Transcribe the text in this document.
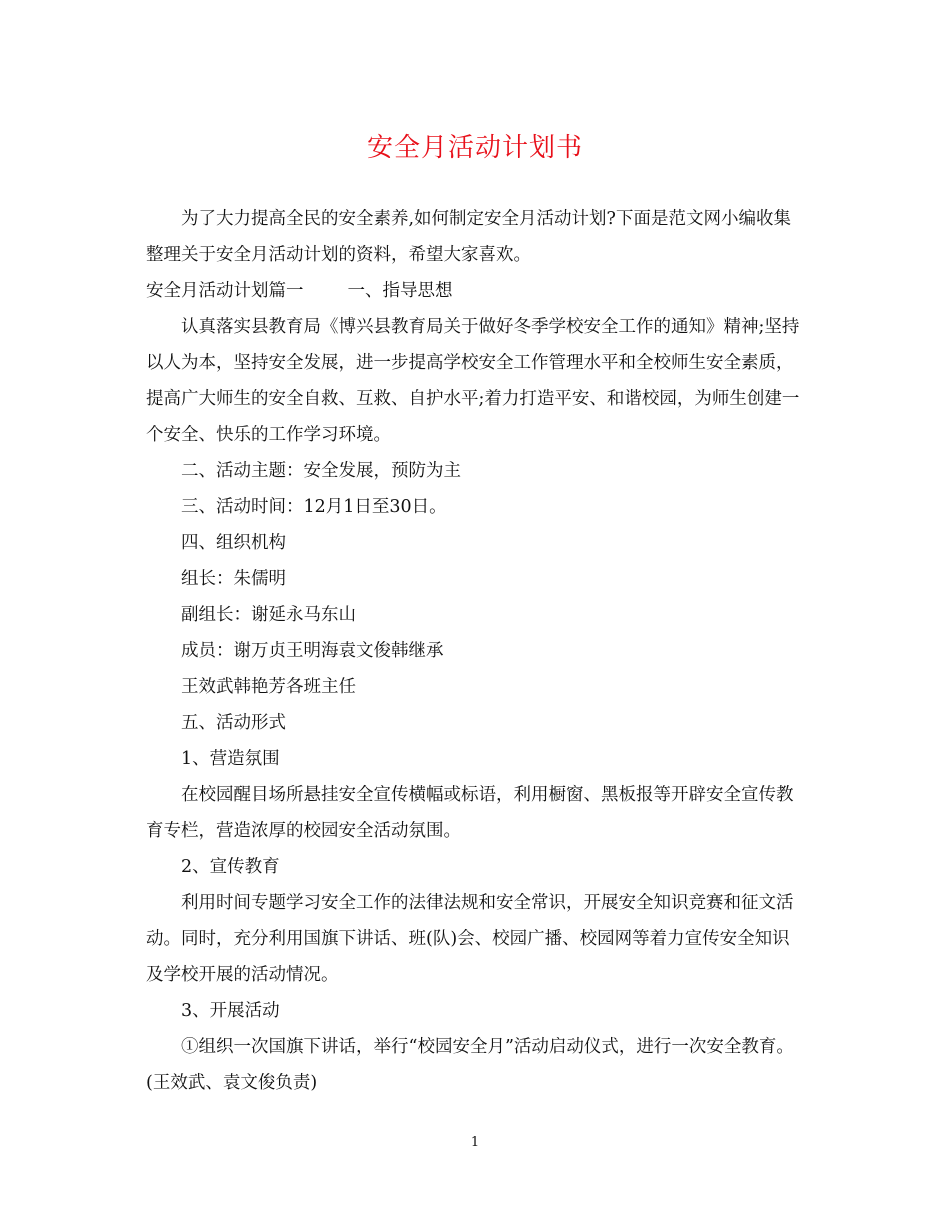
安全月活动计划书

为了大力提高全民的安全素养,如何制定安全月活动计划?下面是范文网小编收集整理关于安全月活动计划的资料，希望大家喜欢。

安全月活动计划篇一	一、指导思想

认真落实县教育局《博兴县教育局关于做好冬季学校安全工作的通知》精神;坚持以人为本，坚持安全发展，进一步提高学校安全工作管理水平和全校师生安全素质，提高广大师生的安全自救、互救、自护水平;着力打造平安、和谐校园，为师生创建一个安全、快乐的工作学习环境。

二、活动主题：安全发展，预防为主

三、活动时间：12月1日至30日。

四、组织机构

组长：朱儒明

副组长：谢延永马东山

成员：谢万贞王明海袁文俊韩继承

王效武韩艳芳各班主任

五、活动形式

1、营造氛围

在校园醒目场所悬挂安全宣传横幅或标语，利用橱窗、黑板报等开辟安全宣传教育专栏，营造浓厚的校园安全活动氛围。

2、宣传教育

利用时间专题学习安全工作的法律法规和安全常识，开展安全知识竞赛和征文活动。同时，充分利用国旗下讲话、班(队)会、校园广播、校园网等着力宣传安全知识及学校开展的活动情况。

3、开展活动

①组织一次国旗下讲话，举行“校园安全月”活动启动仪式，进行一次安全教育。(王效武、袁文俊负责)

1
